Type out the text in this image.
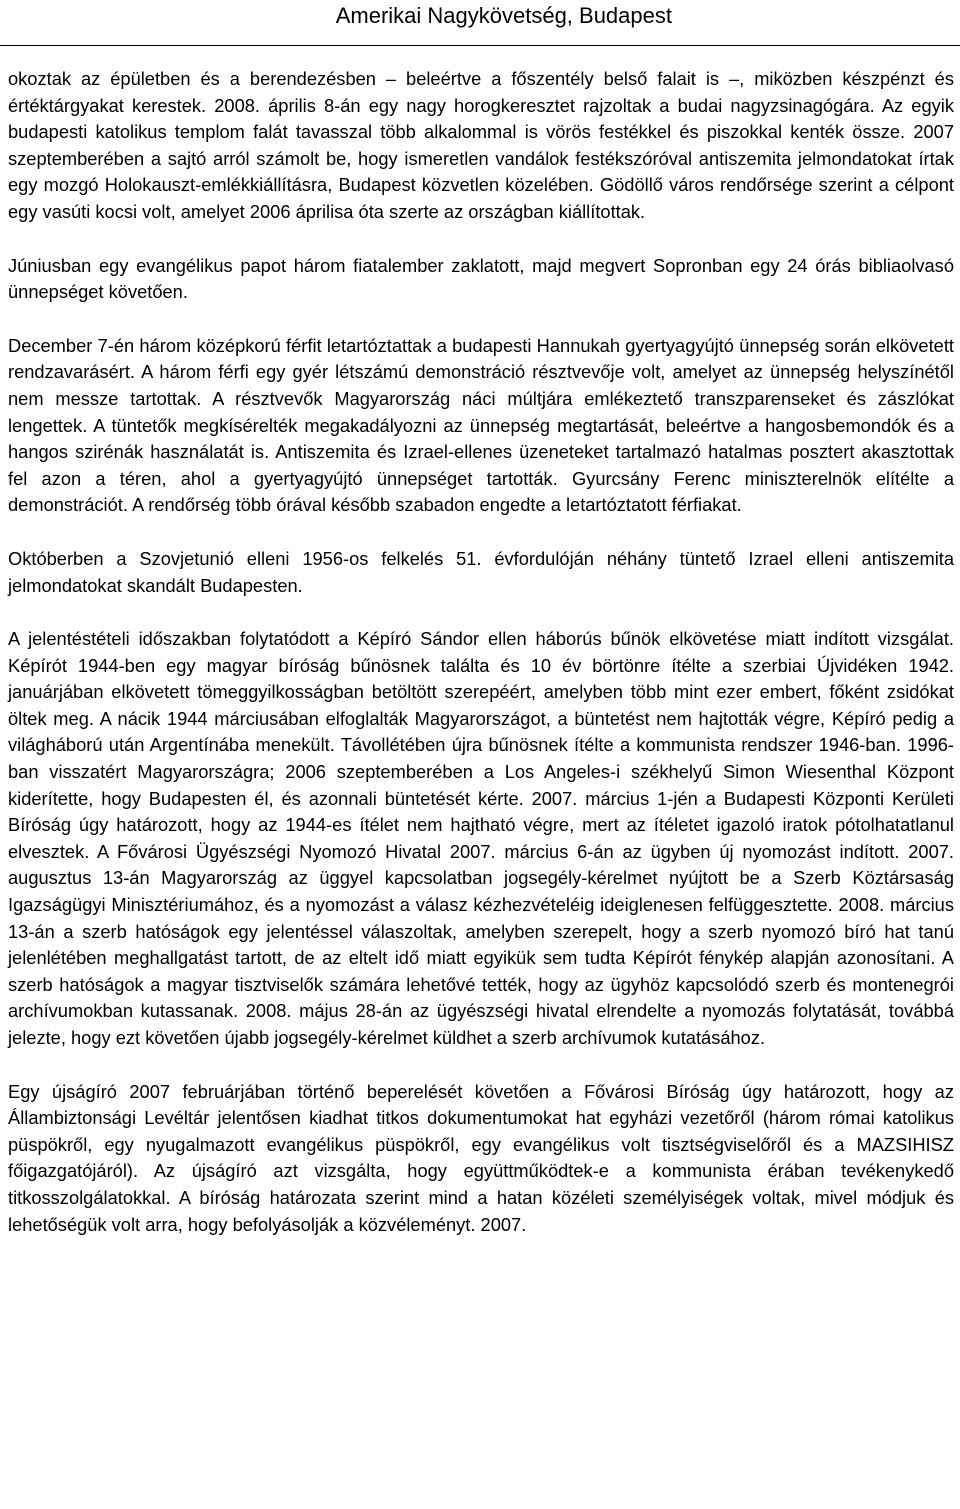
Amerikai Nagykövetség, Budapest

okoztak az épületben és a berendezésben – beleértve a főszentély belső falait is –, miközben készpénzt és értéktárgyakat kerestek. 2008. április 8-án egy nagy horogkeresztet rajzoltak a budai nagyzsinagógára. Az egyik budapesti katolikus templom falát tavasszal több alkalommal is vörös festékkel és piszokkal kenték össze. 2007 szeptemberében a sajtó arról számolt be, hogy ismeretlen vandálok festékszóróval antiszemita jelmondatokat írtak egy mozgó Holokauszt-emlékkiállításra, Budapest közvetlen közelében. Gödöllő város rendőrsége szerint a célpont egy vasúti kocsi volt, amelyet 2006 áprilisa óta szerte az országban kiállítottak.

Júniusban egy evangélikus papot három fiatalember zaklatott, majd megvert Sopronban egy 24 órás bibliaolvasó ünnepséget követően.

December 7-én három középkorú férfit letartóztattak a budapesti Hannukah gyertyagyújtó ünnepség során elkövetett rendzavarásért. A három férfi egy gyér létszámú demonstráció résztvevője volt, amelyet az ünnepség helyszínétől nem messze tartottak. A résztvevők Magyarország náci múltjára emlékeztető transzparenseket és zászlókat lengettek. A tüntetők megkísérelték megakadályozni az ünnepség megtartását, beleértve a hangosbemondók és a hangos szirénák használatát is. Antiszemita és Izrael-ellenes üzeneteket tartalmazó hatalmas posztert akasztottak fel azon a téren, ahol a gyertyagyújtó ünnepséget tartották. Gyurcsány Ferenc miniszterelnök elítélte a demonstrációt. A rendőrség több órával később szabadon engedte a letartóztatott férfiakat.

Októberben a Szovjetunió elleni 1956-os felkelés 51. évfordulóján néhány tüntető Izrael elleni antiszemita jelmondatokat skandált Budapesten.

A jelentéstételi időszakban folytatódott a Képíró Sándor ellen háborús bűnök elkövetése miatt indított vizsgálat. Képírót 1944-ben egy magyar bíróság bűnösnek találta és 10 év börtönre ítélte a szerbiai Újvidéken 1942. januárjában elkövetett tömeggyilkosságban betöltött szerepéért, amelyben több mint ezer embert, főként zsidókat öltek meg. A nácik 1944 márciusában elfoglalták Magyarországot, a büntetést nem hajtották végre, Képíró pedig a világháború után Argentínába menekült. Távollétében újra bűnösnek ítélte a kommunista rendszer 1946-ban. 1996-ban visszatért Magyarországra; 2006 szeptemberében a Los Angeles-i székhelyű Simon Wiesenthal Központ kiderítette, hogy Budapesten él, és azonnali büntetését kérte. 2007. március 1-jén a Budapesti Központi Kerületi Bíróság úgy határozott, hogy az 1944-es ítélet nem hajtható végre, mert az ítéletet igazoló iratok pótolhatatlanul elvesztek. A Fővárosi Ügyészségi Nyomozó Hivatal 2007. március 6-án az ügyben új nyomozást indított. 2007. augusztus 13-án Magyarország az üggyel kapcsolatban jogsegély-kérelmet nyújtott be a Szerb Köztársaság Igazságügyi Minisztériumához, és a nyomozást a válasz kézhezvételéig ideiglenesen felfüggesztette. 2008. március 13-án a szerb hatóságok egy jelentéssel válaszoltak, amelyben szerepelt, hogy a szerb nyomozó bíró hat tanú jelenlétében meghallgatást tartott, de az eltelt idő miatt egyikük sem tudta Képírót fénykép alapján azonosítani. A szerb hatóságok a magyar tisztviselők számára lehetővé tették, hogy az ügyhöz kapcsolódó szerb és montenegrói archívumokban kutassanak. 2008. május 28-án az ügyészségi hivatal elrendelte a nyomozás folytatását, továbbá jelezte, hogy ezt követően újabb jogsegély-kérelmet küldhet a szerb archívumok kutatásához.

Egy újságíró 2007 februárjában történő beperelését követően a Fővárosi Bíróság úgy határozott, hogy az Állambiztonsági Levéltár jelentősen kiadhat titkos dokumentumokat hat egyházi vezetőről (három római katolikus püspökről, egy nyugalmazott evangélikus püspökről, egy evangélikus volt tisztségviselőről és a MAZSIHISZ főigazgatójáról). Az újságíró azt vizsgálta, hogy együttműködtek-e a kommunista érában tevékenykedő titkosszolgálatokkal. A bíróság határozata szerint mind a hatan közéleti személyiségek voltak, mivel módjuk és lehetőségük volt arra, hogy befolyásolják a közvéleményt. 2007.
